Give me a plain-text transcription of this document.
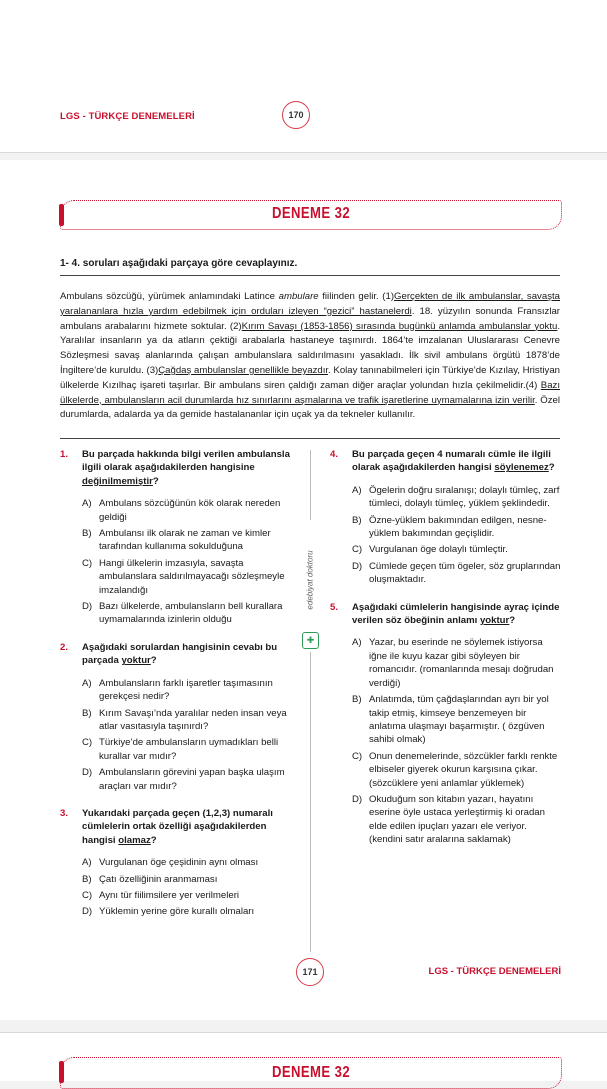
LGS - TÜRKÇE DENEMELERİ	170
DENEME 32
1- 4. soruları aşağıdaki parçaya göre cevaplayınız.
Ambulans sözcüğü, yürümek anlamındaki Latince ambulare fiilinden gelir. (1)Gerçekten de ilk ambulanslar, savaşta yaralananlara hızla yardım edebilmek için orduları izleyen “gezici” hastanelerdi. 18. yüzyılın sonunda Fransızlar ambulans arabalarını hizmete soktular. (2)Kırım Savaşı (1853-1856) sırasında bugünkü anlamda ambulanslar yoktu. Yaralılar insanların ya da atların çektiği arabalarla hastaneye taşınırdı. 1864’te imzalanan Uluslararası Cenevre Sözleşmesi savaş alanlarında çalışan ambulanslara saldırılmasını yasakladı. İlk sivil ambulans örgütü 1878’de İngiltere’de kuruldu. (3)Çağdaş ambulanslar genellikle beyazdır. Kolay tanınabilmeleri için Türkiye’de Kızılay, Hristiyan ülkelerde Kızılhaç işareti taşırlar. Bir ambulans siren çaldığı zaman diğer araçlar yolundan hızla çekilmelidir.(4) Bazı ülkelerde, ambulansların acil durumlarda hız sınırlarını aşmalarına ve trafik işaretlerine uymamalarına izin verilir. Özel durumlarda, adalarda ya da gemide hastalananlar için uçak ya da tekneler kullanılır.
1. Bu parçada hakkında bilgi verilen ambulansla ilgili olarak aşağıdakilerden hangisine değinilmemiştir?
A) Ambulans sözcüğünün kök olarak nereden geldiği
B) Ambulansı ilk olarak ne zaman ve kimler tarafından kullanıma sokulduğuna
C) Hangi ülkelerin imzasıyla, savaşta ambulanslara saldırılmayacağı sözleşmeyle imzalandığı
D) Bazı ülkelerde, ambulansların bell kurallara uymamalarında izinlerin olduğu
2. Aşağıdaki sorulardan hangisinin cevabı bu parçada yoktur?
A) Ambulansların farklı işaretler taşımasının gerekçesi nedir?
B) Kırım Savaşı’nda yaralılar neden insan veya atlar vasıtasıyla taşınırdı?
C) Türkiye’de ambulansların uymadıkları belli kurallar var mıdır?
D) Ambulansların görevini yapan başka ulaşım araçları var mıdır?
3. Yukarıdaki parçada geçen (1,2,3) numaralı cümlelerin ortak özelliği aşağıdakilerden hangisi olamaz?
A) Vurgulanan öge çeşidinin aynı olması
B) Çatı özelliğinin aranmaması
C) Aynı tür fiilimsilere yer verilmeleri
D) Yüklemin yerine göre kurallı olmaları
edebiyat doktoru
✚
4. Bu parçada geçen 4 numaralı cümle ile ilgili olarak aşağıdakilerden hangisi söylenemez?
A) Ögelerin doğru sıralanışı; dolaylı tümleç, zarf tümleci, dolaylı tümleç, yüklem şeklindedir.
B) Özne-yüklem bakımından edilgen, nesne-yüklem bakımından geçişlidir.
C) Vurgulanan öge dolaylı tümleçtir.
D) Cümlede geçen tüm ögeler, söz gruplarından oluşmaktadır.
5. Aşağıdaki cümlelerin hangisinde ayraç içinde verilen söz öbeğinin anlamı yoktur?
A) Yazar, bu eserinde ne söylemek istiyorsa iğne ile kuyu kazar gibi söyleyen bir romancıdır. (romanlarında mesajı doğrudan verdiği)
B) Anlatımda, tüm çağdaşlarından ayrı bir yol takip etmiş, kimseye benzemeyen bir anlatıma ulaşmayı başarmıştır. ( özgüven sahibi olmak)
C) Onun denemelerinde, sözcükler farklı renkte elbiseler giyerek okurun karşısına çıkar. (sözcüklere yeni anlamlar yüklemek)
D) Okuduğum son kitabın yazarı, hayatını eserine öyle ustaca yerleştirmiş ki oradan elde edilen ipuçları yazarı ele veriyor. (kendini satır aralarına saklamak)
171	LGS - TÜRKÇE DENEMELERİ
DENEME 32
